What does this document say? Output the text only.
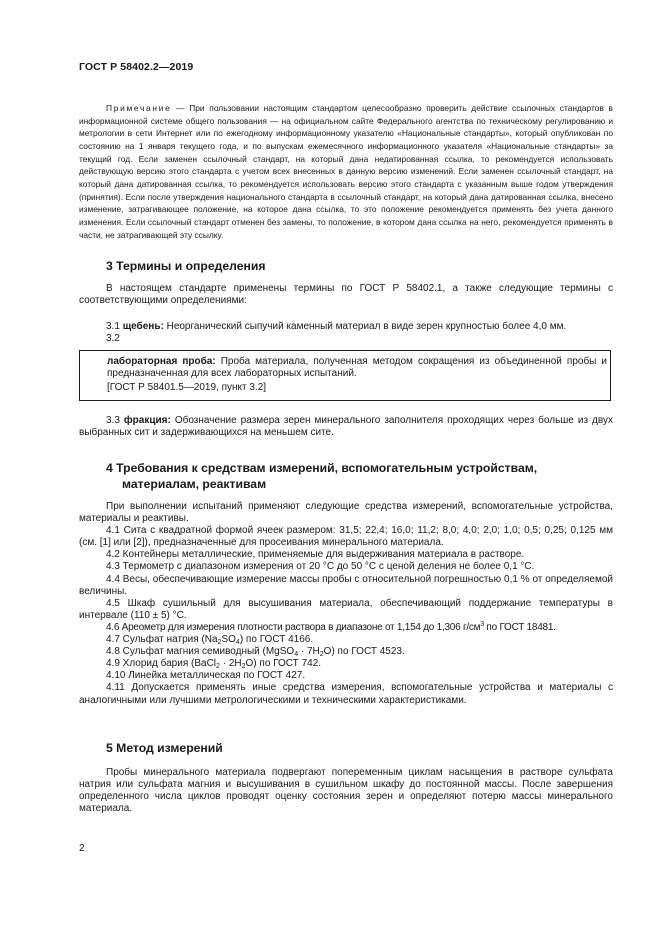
ГОСТ Р 58402.2—2019

Примечание — При пользовании настоящим стандартом целесообразно проверить действие ссылочных стандартов в информационной системе общего пользования — на официальном сайте Федерального агентства по техническому регулированию и метрологии в сети Интернет или по ежегодному информационному указателю «Национальные стандарты», который опубликован по состоянию на 1 января текущего года, и по выпускам ежемесячного информационного указателя «Национальные стандарты» за текущий год. Если заменен ссылочный стандарт, на который дана недатированная ссылка, то рекомендуется использовать действующую версию этого стандарта с учетом всех внесенных в данную версию изменений. Если заменен ссылочный стандарт, на который дана датированная ссылка, то рекомендуется использовать версию этого стандарта с указанным выше годом утверждения (принятия). Если после утверждения национального стандарта в ссылочный стандарт, на который дана датированная ссылка, внесено изменение, затрагивающее положение, на которое дана ссылка, то это положение рекомендуется применять без учета данного изменения. Если ссылочный стандарт отменен без замены, то положение, в котором дана ссылка на него, рекомендуется применять в части, не затрагивающей эту ссылку.

3 Термины и определения

В настоящем стандарте применены термины по ГОСТ Р 58402.1, а также следующие термины с соответствующими определениями:

3.1 щебень: Неорганический сыпучий каменный материал в виде зерен крупностью более 4,0 мм.

3.2

лабораторная проба: Проба материала, полученная методом сокращения из объединенной пробы и предназначенная для всех лабораторных испытаний.

[ГОСТ Р 58401.5—2019, пункт 3.2]

3.3 фракция: Обозначение размера зерен минерального заполнителя проходящих через больше из двух выбранных сит и задерживающихся на меньшем сите.

4 Требования к средствам измерений, вспомогательным устройствам,
материалам, реактивам

При выполнении испытаний применяют следующие средства измерений, вспомогательные устройства, материалы и реактивы.

4.1 Сита с квадратной формой ячеек размером: 31,5; 22,4; 16,0; 11,2; 8,0; 4,0; 2,0; 1,0; 0,5; 0,25; 0,125 мм (см. [1] или [2]), предназначенные для просеивания минерального материала.

4.2 Контейнеры металлические, применяемые для выдерживания материала в растворе.

4.3 Термометр с диапазоном измерения от 20 °С до 50 °С с ценой деления не более 0,1 °С.

4.4 Весы, обеспечивающие измерение массы пробы с относительной погрешностью 0,1 % от определяемой величины.

4.5 Шкаф сушильный для высушивания материала, обеспечивающий поддержание температуры в интервале (110 ± 5) °С.

4.6 Ареометр для измерения плотности раствора в диапазоне от 1,154 до 1,306 $г/см^3$ по ГОСТ 18481.

4.7 Сульфат натрия $(Na_2SO_4)$ по ГОСТ 4166.

4.8 Сульфат магния семиводный (MgSO$_4$ · $7H_2O$) по ГОСТ 4523.

4.9 Хлорид бария (BaCl$_2$ · $2H_2O$) по ГОСТ 742.

4.10 Линейка металлическая по ГОСТ 427.

4.11 Допускается применять иные средства измерения, вспомогательные устройства и материалы с аналогичными или лучшими метрологическими и техническими характеристиками.

5 Метод измерений

Пробы минерального материала подвергают попеременным циклам насыщения в растворе сульфата натрия или сульфата магния и высушивания в сушильном шкафу до постоянной массы. После завершения определенного числа циклов проводят оценку состояния зерен и определяют потерю массы минерального материала.

2
